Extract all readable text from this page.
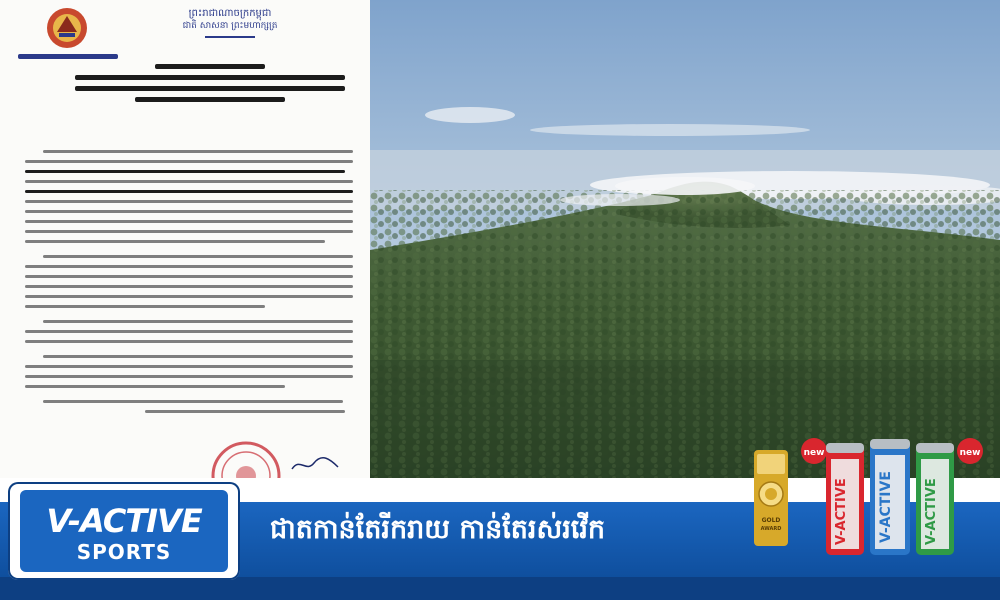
ព្រះរាជាណាចក្រកម្ពុជា
ជាតិ សាសនា ព្រះមហាក្សត្រ
V-ACTIVE
SPORTS
ជាតកាន់តែរីករាយ កាន់តែរស់រវើក	GOLD
AWARD
new
V-ACTIVE V-ACTIVE V-ACTIVE
new
